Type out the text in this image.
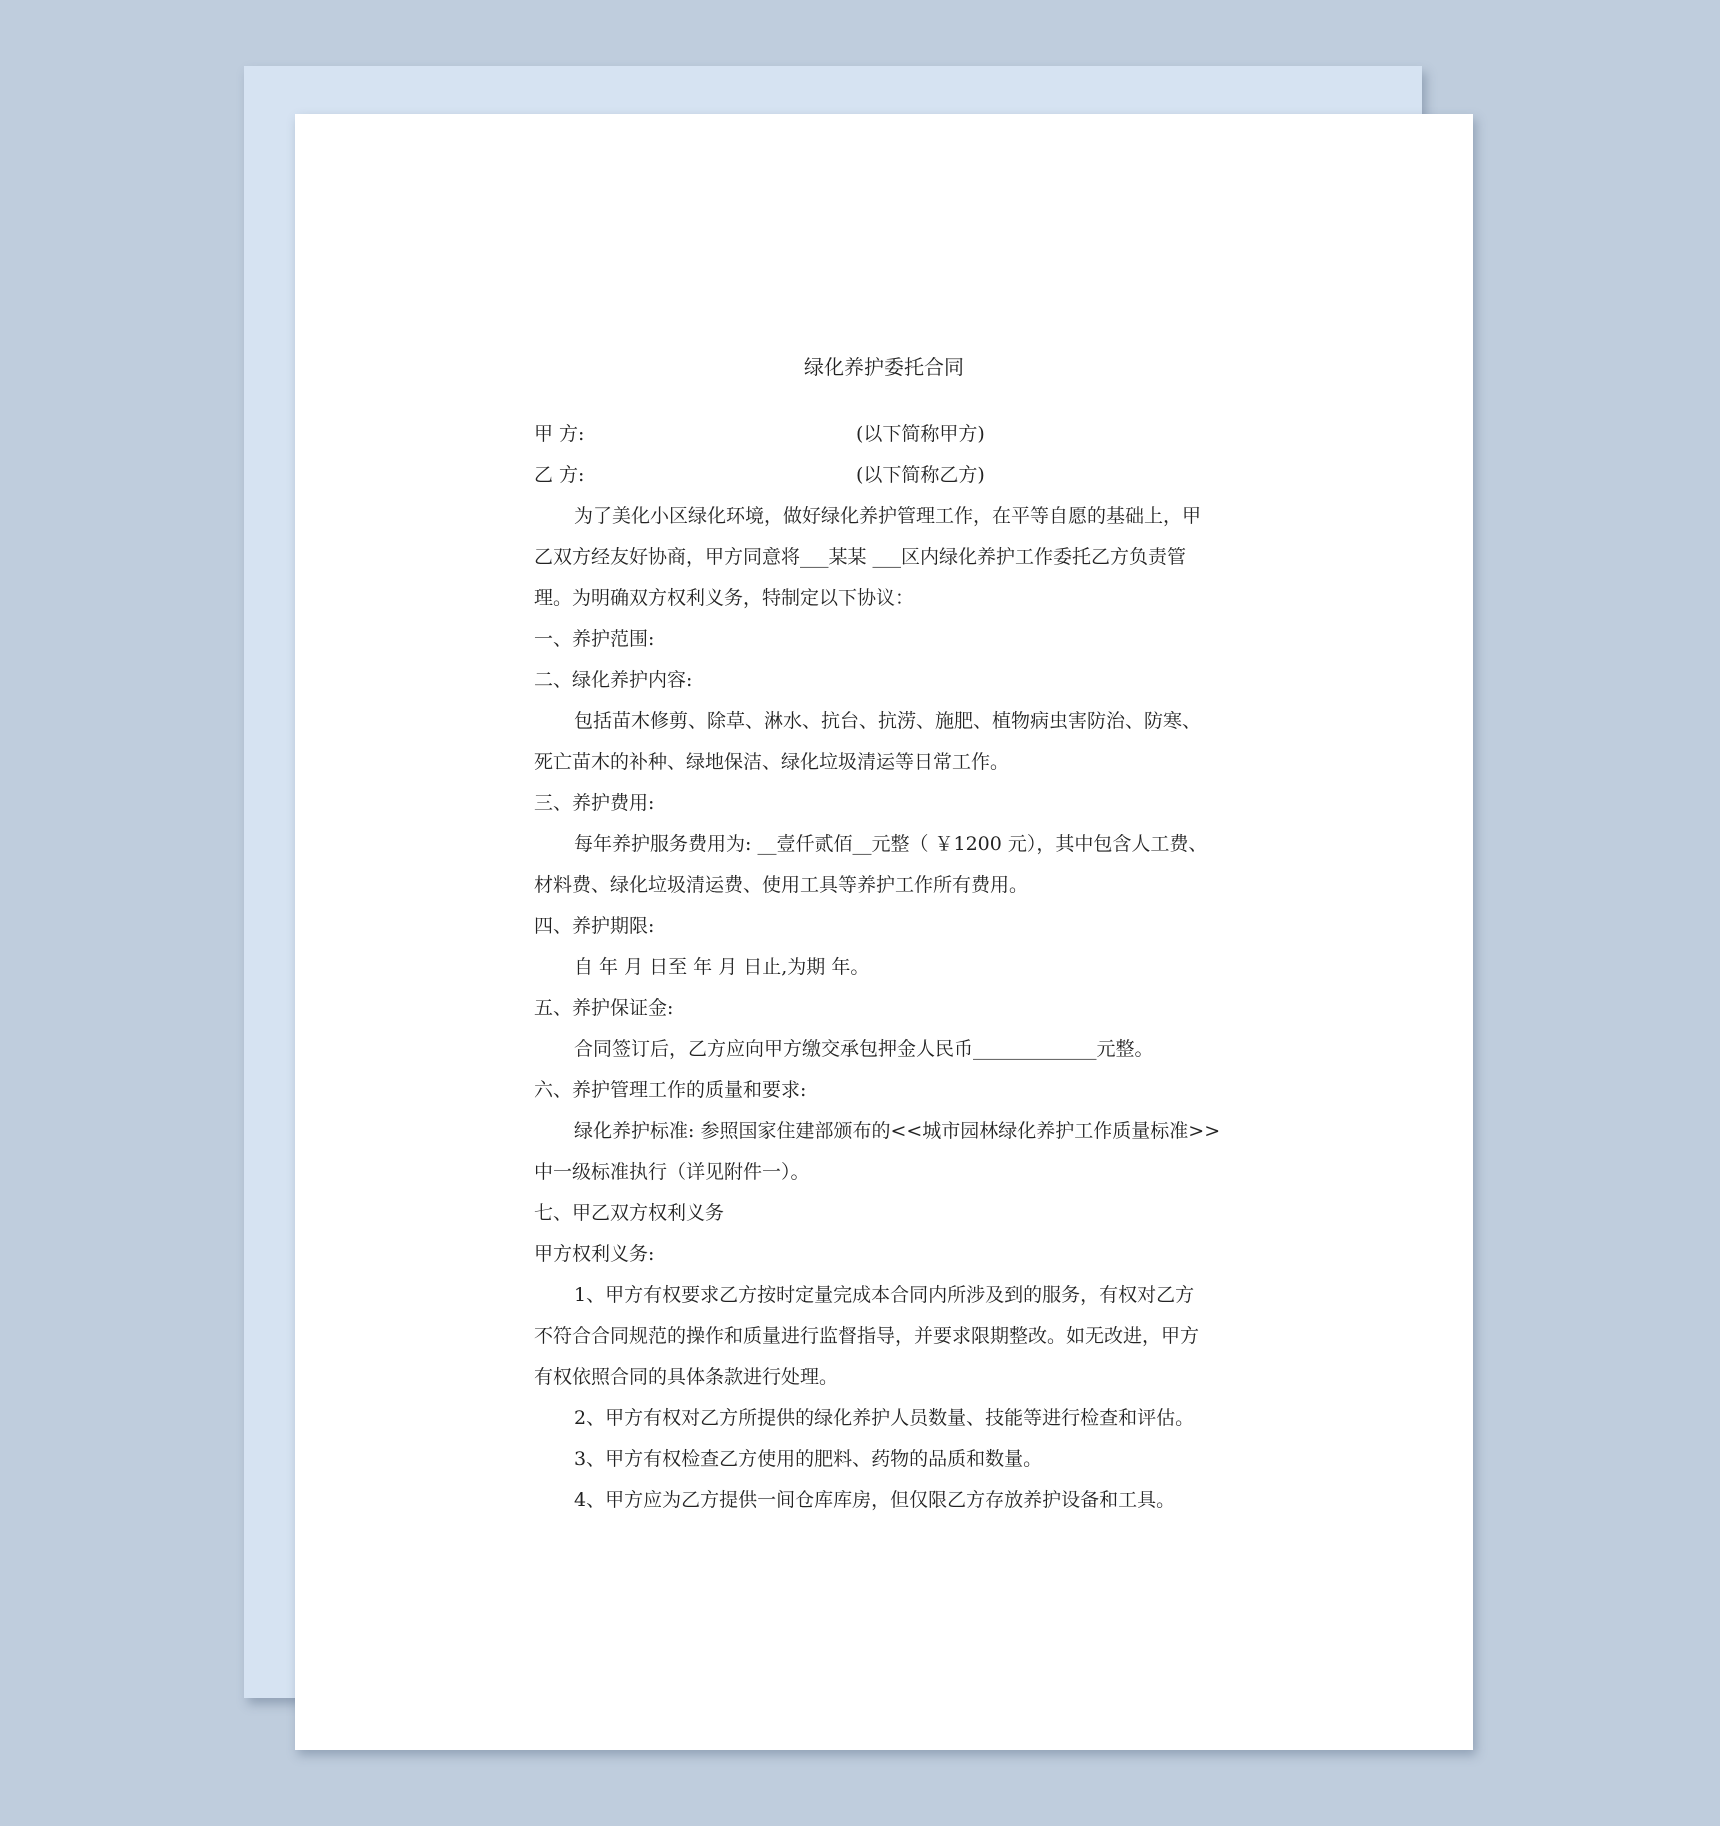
绿化养护委托合同
甲 方:	(以下简称甲方)
乙 方:	(以下简称乙方)

为了美化小区绿化环境，做好绿化养护管理工作，在平等自愿的基础上，甲

乙双方经友好协商，甲方同意将___某某 ___区内绿化养护工作委托乙方负责管

理。为明确双方权利义务，特制定以下协议：

一、养护范围:

二、绿化养护内容:

包括苗木修剪、除草、淋水、抗台、抗涝、施肥、植物病虫害防治、防寒、

死亡苗木的补种、绿地保洁、绿化垃圾清运等日常工作。

三、养护费用:

每年养护服务费用为: __壹仟贰佰__元整（ ￥1200 元），其中包含人工费、

材料费、绿化垃圾清运费、使用工具等养护工作所有费用。

四、养护期限:

自 年 月 日至 年 月 日止,为期 年。

五、养护保证金:

合同签订后，乙方应向甲方缴交承包押金人民币_____________元整。

六、养护管理工作的质量和要求:

绿化养护标准: 参照国家住建部颁布的<<城市园林绿化养护工作质量标准>>

中一级标准执行（详见附件一）。

七、甲乙双方权利义务

甲方权利义务:

1、甲方有权要求乙方按时定量完成本合同内所涉及到的服务，有权对乙方

不符合合同规范的操作和质量进行监督指导，并要求限期整改。如无改进，甲方

有权依照合同的具体条款进行处理。

2、甲方有权对乙方所提供的绿化养护人员数量、技能等进行检查和评估。

3、甲方有权检查乙方使用的肥料、药物的品质和数量。

4、甲方应为乙方提供一间仓库库房，但仅限乙方存放养护设备和工具。
